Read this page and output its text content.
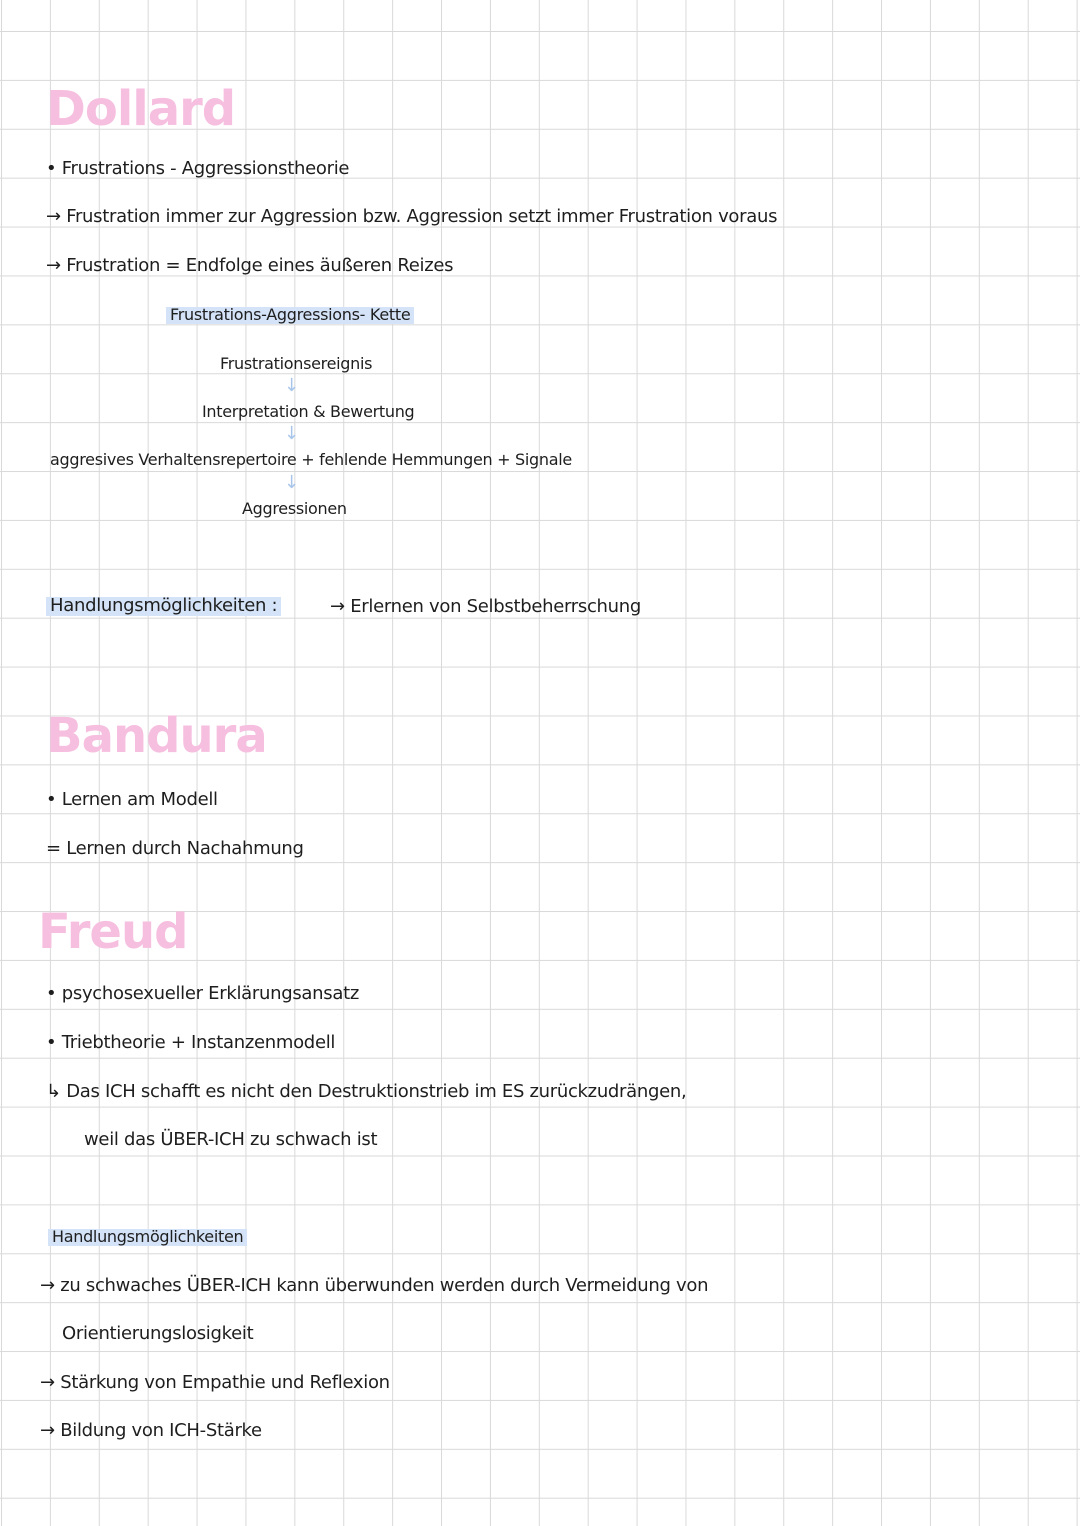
Dollard
• Frustrations - Aggressionstheorie
→ Frustration immer zur Aggression bzw. Aggression setzt immer Frustration voraus
→ Frustration = Endfolge eines äußeren Reizes
Frustrations-Aggressions- Kette
Frustrationsereignis
↓
Interpretation & Bewertung
↓
aggresives Verhaltensrepertoire + fehlende Hemmungen + Signale
↓
Aggressionen
Handlungsmöglichkeiten :	→ Erlernen von Selbstbeherrschung
Bandura
• Lernen am Modell
= Lernen durch Nachahmung
Freud
• psychosexueller Erklärungsansatz
• Triebtheorie + Instanzenmodell
↳ Das ICH schafft es nicht den Destruktionstrieb im ES zurückzudrängen,
weil das ÜBER-ICH zu schwach ist
Handlungsmöglichkeiten
→ zu schwaches ÜBER-ICH kann überwunden werden durch Vermeidung von
Orientierungslosigkeit
→ Stärkung von Empathie und Reflexion
→ Bildung von ICH-Stärke
